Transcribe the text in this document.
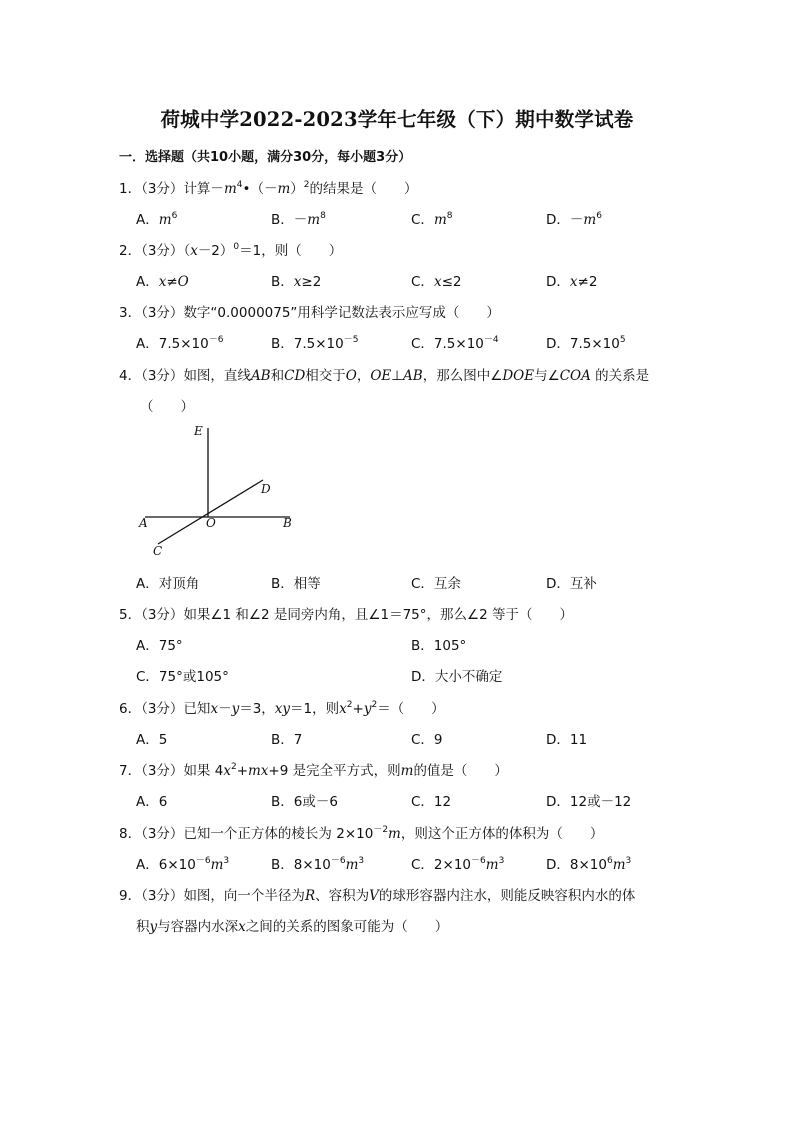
荷城中学2022-2023学年七年级（下）期中数学试卷
一．选择题（共10小题，满分30分，每小题3分）
1．（3分）计算$-m^4•(-m)^2$的结果是（　　）
A．$m^6$	B．$-m^8$	C．$m^8$	D．$-m^6$
2．（3分）$(x-2)^0=1$，则（　　）
A．x≠O	B．x≥2	C．x≤2	D．x≠2
3．（3分）数字“0.0000075”用科学记数法表示应写成（　　）
A．$7.5\times 10^{-6}$	B．$7.5\times 10^{-5}$	C．$7.5\times 10^{-4}$	D．$7.5\times 10^5$
4．（3分）如图，直线AB和CD相交于O，OE⊥AB，那么图中∠DOE与∠COA 的关系是
（　　）
E
D
A	O	B
C
A．对顶角	B．相等	C．互余	D．互补
5．（3分）如果∠1 和∠2 是同旁内角，且∠1＝75°，那么∠2 等于（　　）
A．75°	B．105°
C．75°或105°	D．大小不确定
6．（3分）已知x－y＝3，xy＝1，则$x^2+y^2=$（　　）
A．5	B．7	C．9	D．11
7．（3分）如果 $4x^2+mx+9$ 是完全平方式，则m的值是（　　）
A．6	B．6或－6	C．12	D．12或－12
8．（3分）已知一个正方体的棱长为 $2\times 10^{-2}m$，则这个正方体的体积为（　　）
A．$6\times 10^{-6}m^3$	B．$8\times 10^{-6}m^3$	C．$2\times 10^{-6}m^3$	D．$8\times 10^6m^3$
9．（3分）如图，向一个半径为R、容积为V的球形容器内注水，则能反映容积内水的体
积y与容器内水深x之间的关系的图象可能为（　　）
